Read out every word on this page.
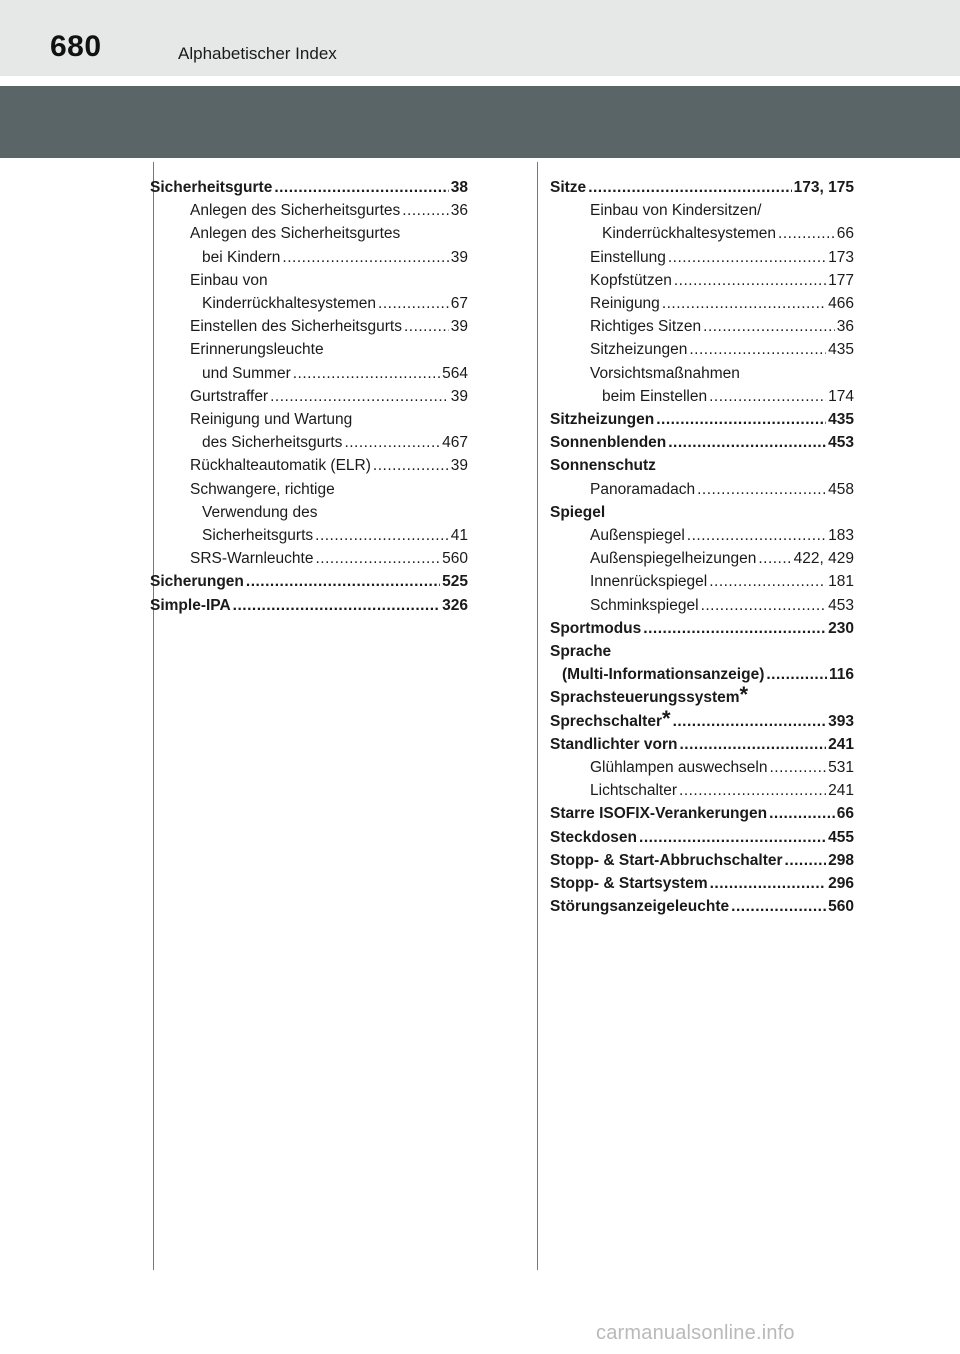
680	Alphabetischer Index
Sicherheitsgurte .....	38
Anlegen des Sicherheitsgurtes .....	36
Anlegen des Sicherheitsgurtes
bei Kindern .....	39
Einbau von
Kinderrückhaltesystemen .....	67
Einstellen des Sicherheitsgurts .....	39
Erinnerungsleuchte
und Summer .....	564
Gurtstraffer .....	39
Reinigung und Wartung
des Sicherheitsgurts .....	467
Rückhalteautomatik (ELR) .....	39
Schwangere, richtige
Verwendung des
Sicherheitsgurts .....	41
SRS-Warnleuchte .....	560
Sicherungen .....	525
Simple-IPA .....	326
Sitze .....	173, 175
Einbau von Kindersitzen/
Kinderrückhaltesystemen .....	66
Einstellung .....	173
Kopfstützen .....	177
Reinigung .....	466
Richtiges Sitzen .....	36
Sitzheizungen .....	435
Vorsichtsmaßnahmen
beim Einstellen .....	174
Sitzheizungen .....	435
Sonnenblenden .....	453
Sonnenschutz
Panoramadach .....	458
Spiegel
Außenspiegel .....	183
Außenspiegelheizungen ..... 422, 429
Innenrückspiegel .....	181
Schminkspiegel .....	453
Sportmodus .....	230
Sprache
(Multi-Informationsanzeige) .....	116
Sprachsteuerungssystem *
Sprechschalter * .....	393
Standlichter vorn .....	241
Glühlampen auswechseln .....	531
Lichtschalter .....	241
Starre ISOFIX-Verankerungen .....	66
Steckdosen .....	455
Stopp- & Start-Abbruchschalter .....	298
Stopp- & Startsystem .....	296
Störungsanzeigeleuchte .....	560
carmanualsonline.info
